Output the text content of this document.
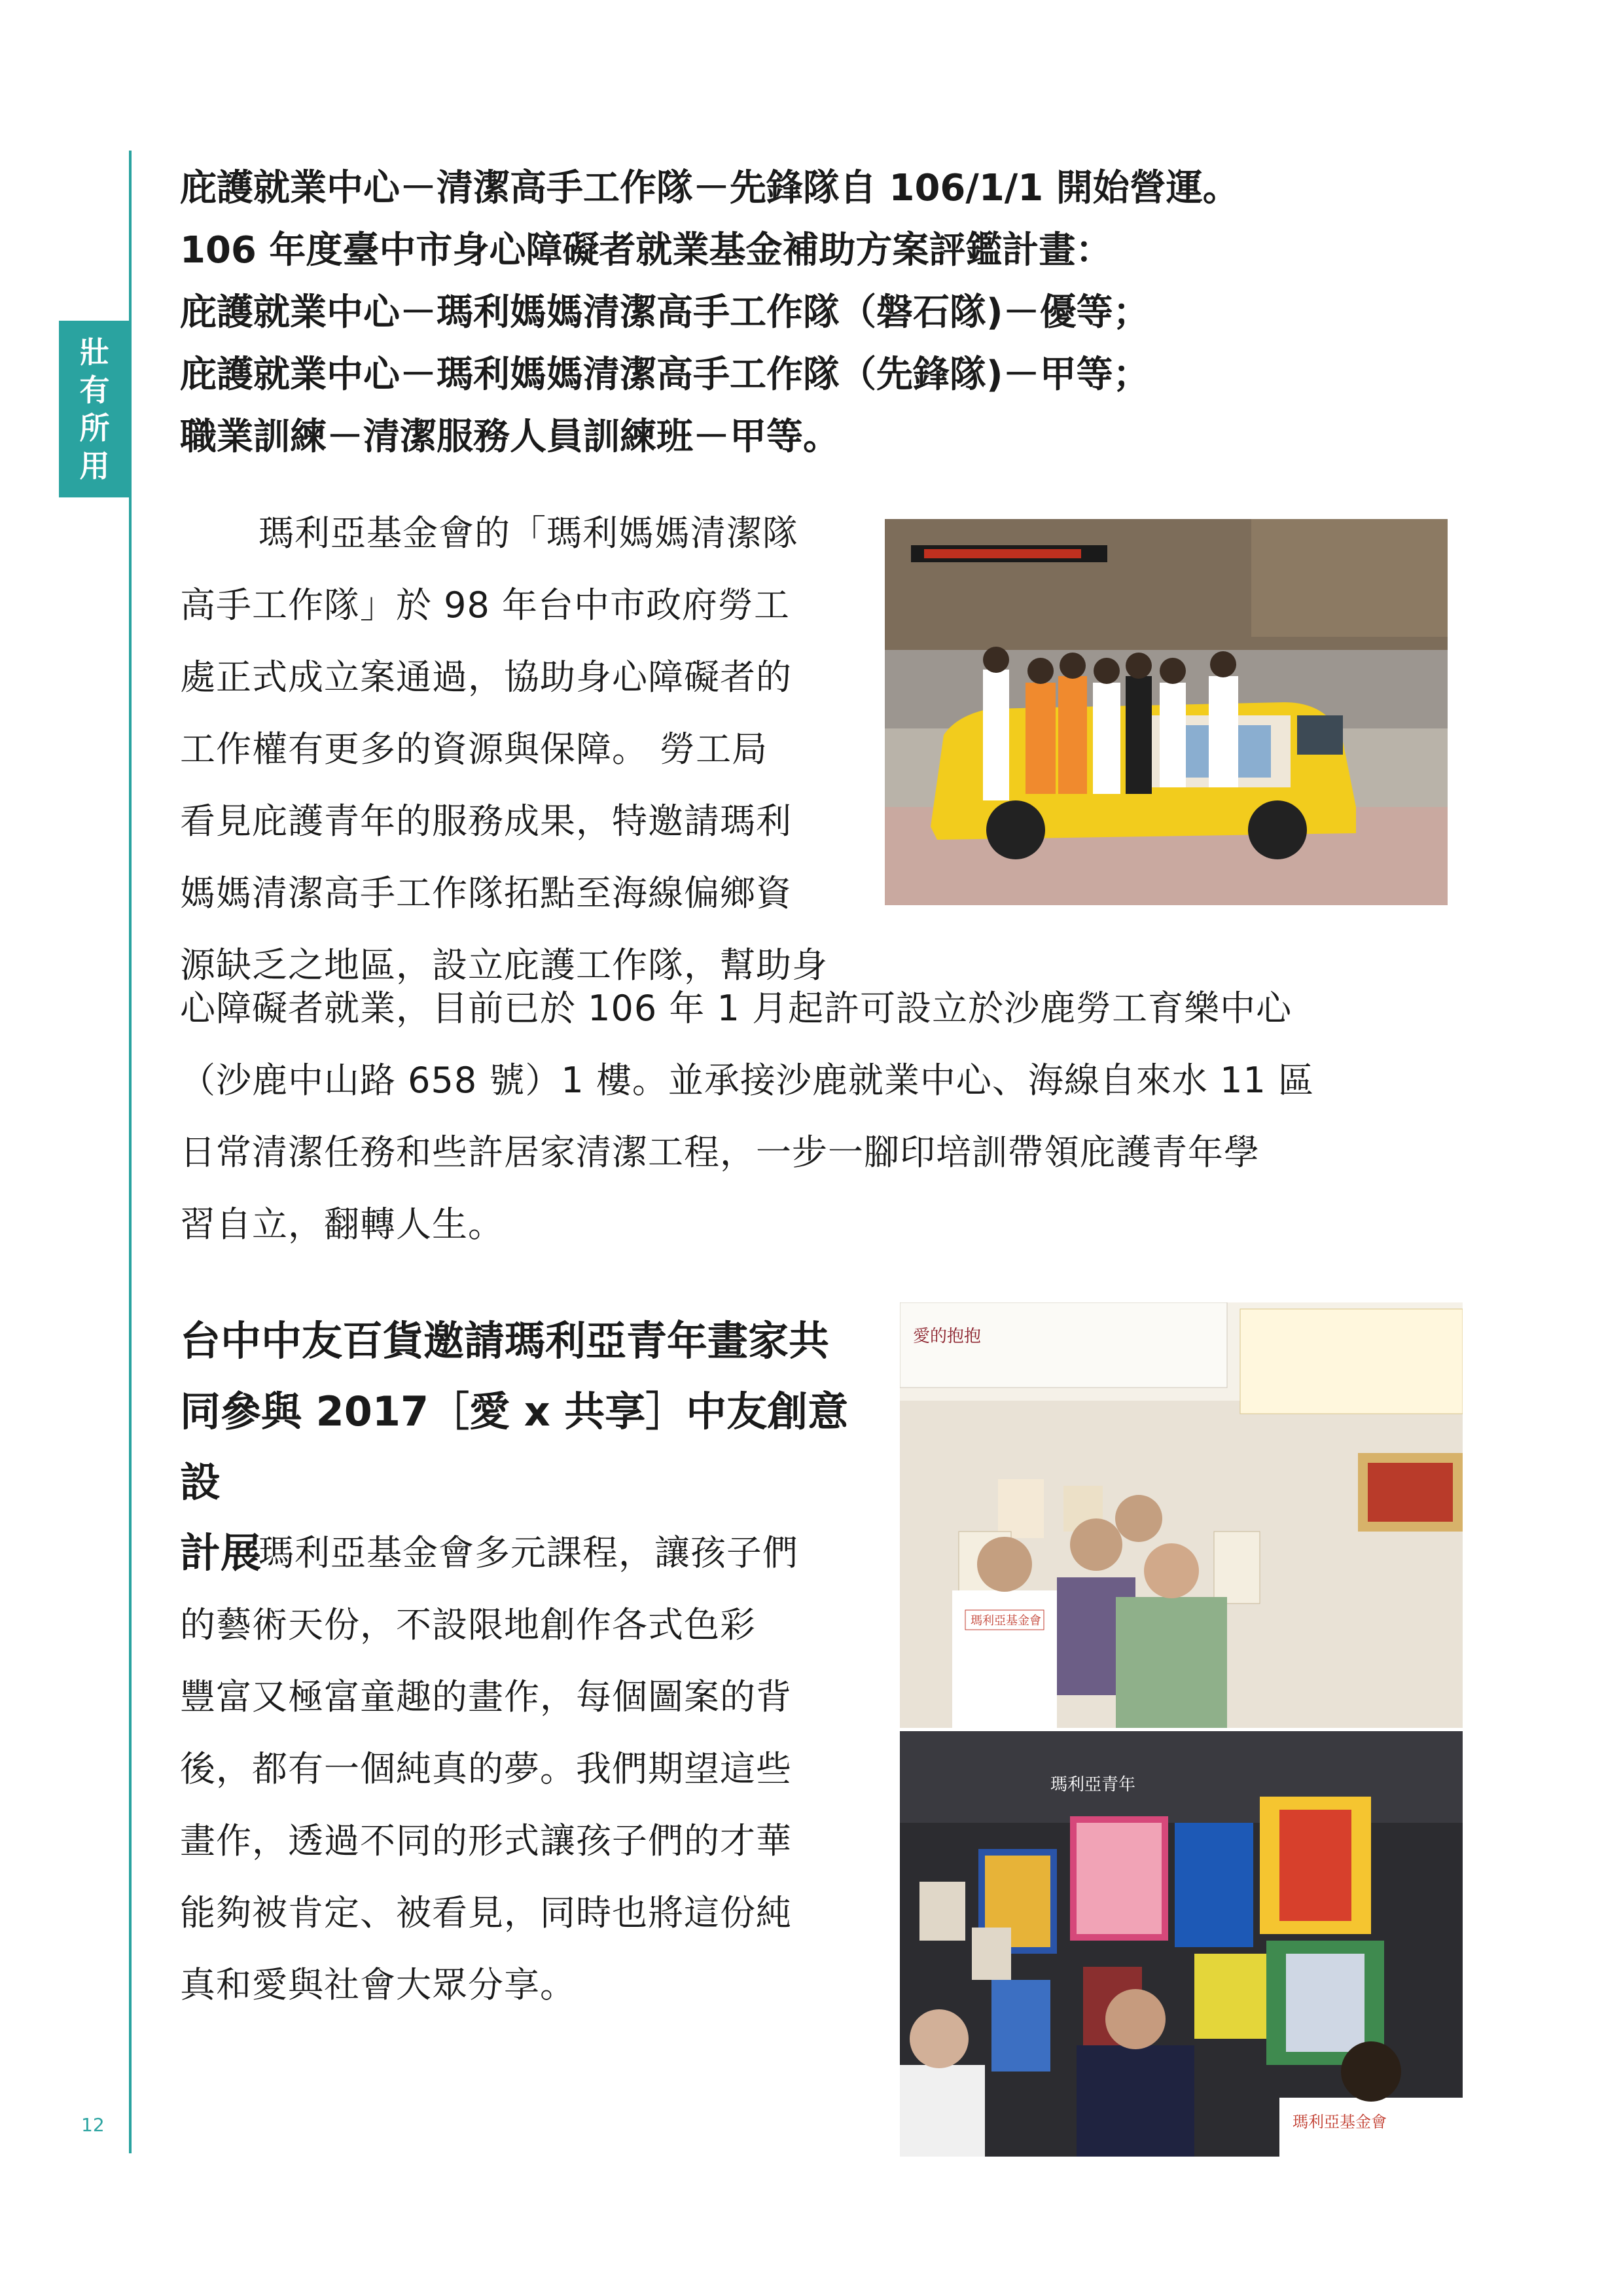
壯
有
所
用
12
庇護就業中心－清潔高手工作隊－先鋒隊自 106/1/1 開始營運。
106 年度臺中市身心障礙者就業基金補助方案評鑑計畫：
庇護就業中心－瑪利媽媽清潔高手工作隊（磐石隊)－優等；
庇護就業中心－瑪利媽媽清潔高手工作隊（先鋒隊)－甲等；
職業訓練－清潔服務人員訓練班－甲等。
瑪利亞基金會的「瑪利媽媽清潔隊
高手工作隊」於 98 年台中市政府勞工
處正式成立案通過，協助身心障礙者的
工作權有更多的資源與保障。 勞工局
看見庇護青年的服務成果，特邀請瑪利
媽媽清潔高手工作隊拓點至海線偏鄉資
源缺乏之地區，設立庇護工作隊，幫助身
心障礙者就業，目前已於 106 年 1 月起許可設立於沙鹿勞工育樂中心
（沙鹿中山路 658 號）1 樓。並承接沙鹿就業中心、海線自來水 11 區
日常清潔任務和些許居家清潔工程，一步一腳印培訓帶領庇護青年學
習自立，翻轉人生。
台中中友百貨邀請瑪利亞青年畫家共
同參與 2017［愛 x 共享］中友創意設
計展
瑪利亞基金會多元課程，讓孩子們
的藝術天份，不設限地創作各式色彩
豐富又極富童趣的畫作，每個圖案的背
後，都有一個純真的夢。我們期望這些
畫作，透過不同的形式讓孩子們的才華
能夠被肯定、被看見，同時也將這份純
真和愛與社會大眾分享。
愛的抱抱
瑪利亞基金會
瑪利亞青年
瑪利亞基金會
